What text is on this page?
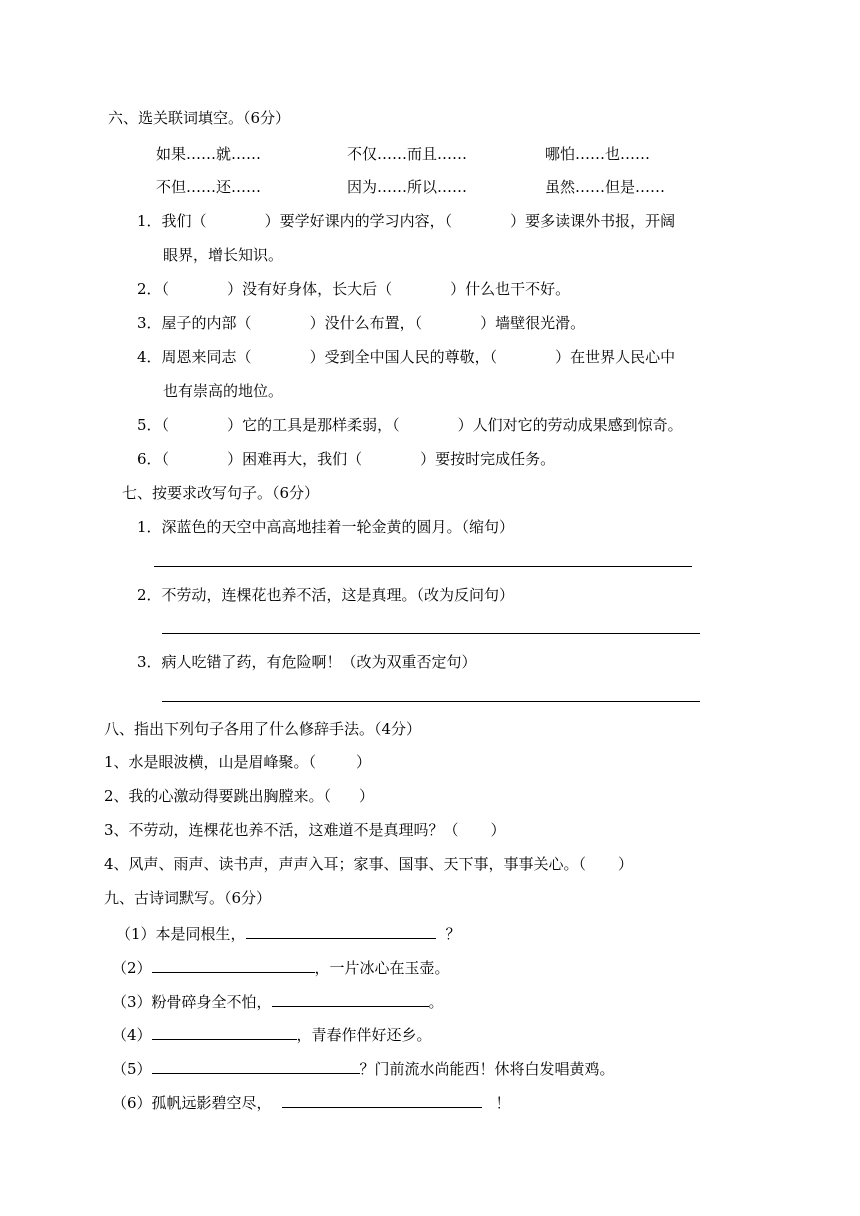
六、选关联词填空。（6分）
如果……就……	不仅……而且……	哪怕……也……
不但……还……	因为……所以……	虽然……但是……
1．我们（	）要学好课内的学习内容，（	）要多读课外书报，开阔
眼界，增长知识。
2．（	）没有好身体，长大后（	）什么也干不好。
3．屋子的内部（	）没什么布置，（	）墙壁很光滑。
4．周恩来同志（	）受到全中国人民的尊敬，（	）在世界人民心中
也有崇高的地位。
5．（	）它的工具是那样柔弱，（	）人们对它的劳动成果感到惊奇。
6．（	）困难再大，我们（	）要按时完成任务。
七、按要求改写句子。（6分）
1．深蓝色的天空中高高地挂着一轮金黄的圆月。（缩句）
2．不劳动，连棵花也养不活，这是真理。（改为反问句）
3．病人吃错了药，有危险啊！（改为双重否定句）
八、指出下列句子各用了什么修辞手法。（4分）
1、水是眼波横，山是眉峰聚。（	）
2、我的心激动得要跳出胸膛来。（ ）
3、不劳动，连棵花也养不活，这难道不是真理吗？（ ）
4、风声、雨声、读书声，声声入耳；家事、国事、天下事，事事关心。（ ）
九、古诗词默写。（6分）
（1）本是同根生，	？
（2）	，一片冰心在玉壶。
（3）粉骨碎身全不怕，	。
（4）	，青春作伴好还乡。
（5）	？门前流水尚能西！休将白发唱黄鸡。
（6）孤帆远影碧空尽，	！
